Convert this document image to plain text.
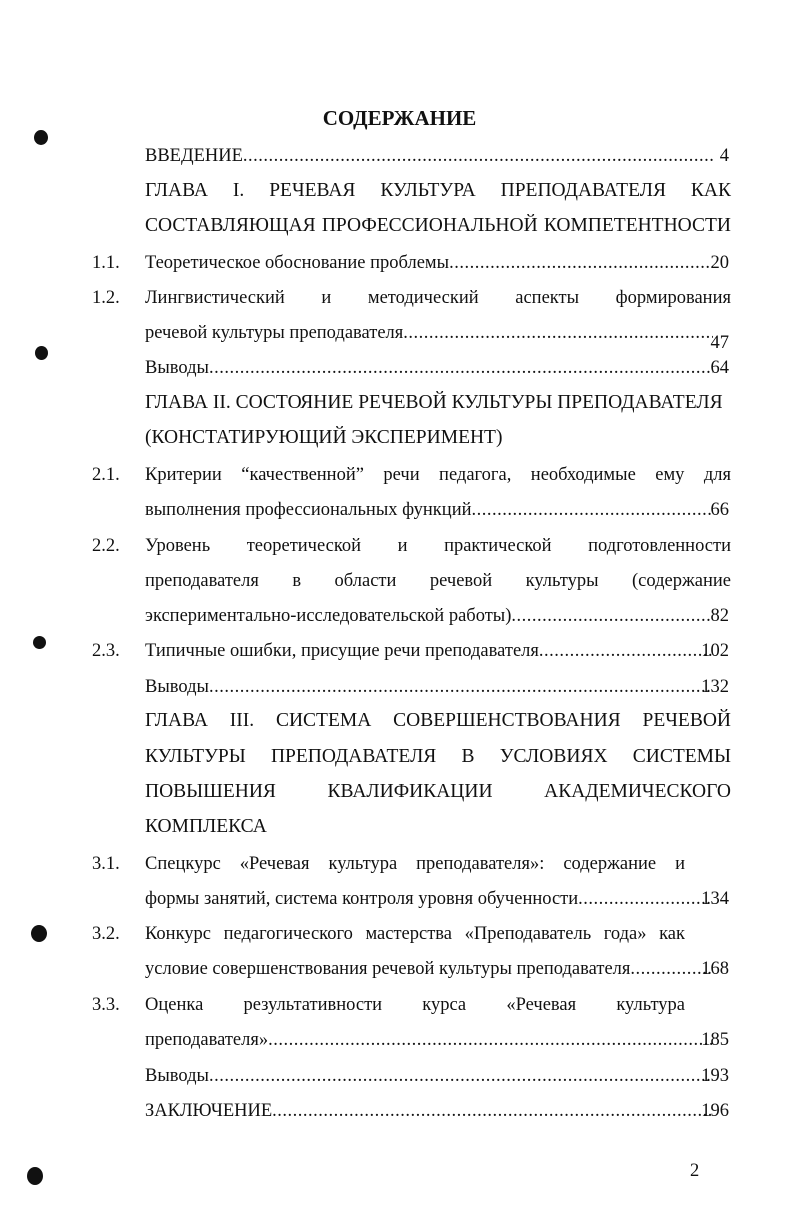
СОДЕРЖАНИЕ
ВВЕДЕНИЕ .....	4
ГЛАВА I. РЕЧЕВАЯ КУЛЬТУРА ПРЕПОДАВАТЕЛЯ КАК
СОСТАВЛЯЮЩАЯ ПРОФЕССИОНАЛЬНОЙ КОМПЕТЕНТНОСТИ
1.1. Теоретическое обоснование проблемы .....	20
1.2. Лингвистический и методический аспекты формирования
речевой культуры преподавателя .....	47
Выводы .....	64
ГЛАВА II. СОСТОЯНИЕ РЕЧЕВОЙ КУЛЬТУРЫ ПРЕПОДАВАТЕЛЯ
(КОНСТАТИРУЮЩИЙ ЭКСПЕРИМЕНТ)
2.1. Критерии “качественной” речи педагога, необходимые ему для
выполнения профессиональных функций .....	66
2.2. Уровень теоретической и практической подготовленности
преподавателя в области речевой культуры (содержание
экспериментально-исследовательской работы) .....	82
2.3. Типичные ошибки, присущие речи преподавателя .....	102
Выводы .....	132
ГЛАВА III. СИСТЕМА СОВЕРШЕНСТВОВАНИЯ РЕЧЕВОЙ
КУЛЬТУРЫ ПРЕПОДАВАТЕЛЯ В УСЛОВИЯХ СИСТЕМЫ
ПОВЫШЕНИЯ КВАЛИФИКАЦИИ АКАДЕМИЧЕСКОГО
КОМПЛЕКСА
3.1. Спецкурс «Речевая культура преподавателя»: содержание и
формы занятий, система контроля уровня обученности .....	134
3.2. Конкурс педагогического мастерства «Преподаватель года» как
условие совершенствования речевой культуры преподавателя .....	168
3.3. Оценка результативности курса «Речевая культура
преподавателя» .....	185
Выводы .....	193
ЗАКЛЮЧЕНИЕ .....	196
2
